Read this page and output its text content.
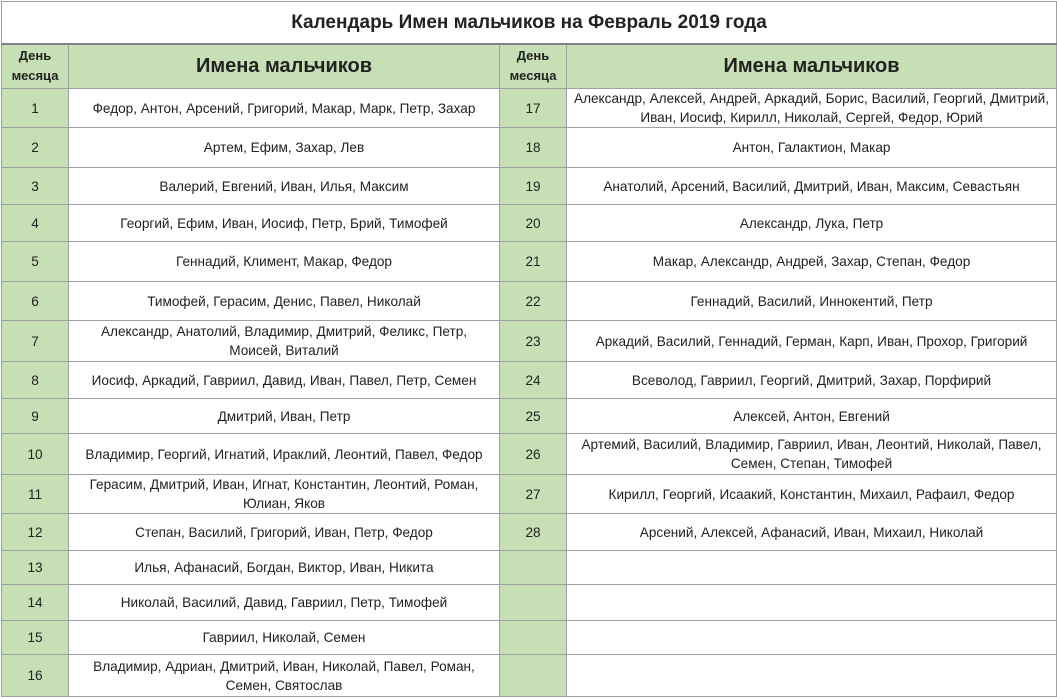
Календарь Имен мальчиков на Февраль 2019 года			
День
месяца	Имена мальчиков	День
месяца	Имена мальчиков
1	Федор, Антон, Арсений, Григорий, Макар, Марк, Петр, Захар	17	Александр, Алексей, Андрей, Аркадий, Борис, Василий, Георгий, Дмитрий, Иван, Иосиф, Кирилл, Николай, Сергей, Федор, Юрий
2	Артем, Ефим, Захар, Лев	18	Антон, Галактион, Макар
3	Валерий, Евгений, Иван, Илья, Максим	19	Анатолий, Арсений, Василий, Дмитрий, Иван, Максим, Севастьян
4	Георгий, Ефим, Иван, Иосиф, Петр, Брий, Тимофей	20	Александр, Лука, Петр
5	Геннадий, Климент, Макар, Федор	21	Макар, Александр, Андрей, Захар, Степан, Федор
6	Тимофей, Герасим, Денис, Павел, Николай	22	Геннадий, Василий, Иннокентий, Петр
7	Александр, Анатолий, Владимир, Дмитрий, Феликс, Петр, Моисей, Виталий	23	Аркадий, Василий, Геннадий, Герман, Карп, Иван, Прохор, Григорий
8	Иосиф, Аркадий, Гавриил, Давид, Иван, Павел, Петр, Семен	24	Всеволод, Гавриил, Георгий, Дмитрий, Захар, Порфирий
9	Дмитрий, Иван, Петр	25	Алексей, Антон, Евгений
10	Владимир, Георгий, Игнатий, Ираклий, Леонтий, Павел, Федор	26	Артемий, Василий, Владимир, Гавриил, Иван, Леонтий, Николай, Павел, Семен, Степан, Тимофей
11	Герасим, Дмитрий, Иван, Игнат, Константин, Леонтий, Роман, Юлиан, Яков	27	Кирилл, Георгий, Исаакий, Константин, Михаил, Рафаил, Федор
12	Степан, Василий, Григорий, Иван, Петр, Федор	28	Арсений, Алексей, Афанасий, Иван, Михаил, Николай
13	Илья, Афанасий, Богдан, Виктор, Иван, Никита		
14	Николай, Василий, Давид, Гавриил, Петр, Тимофей		
15	Гавриил, Николай, Семен		
16	Владимир, Адриан, Дмитрий, Иван, Николай, Павел, Роман, Семен, Святослав		
